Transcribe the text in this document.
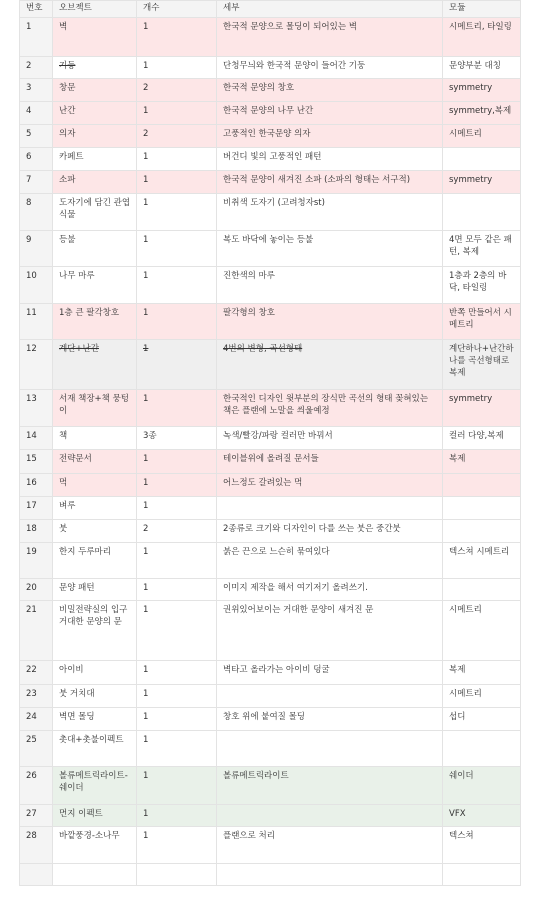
번호	오브젝트	개수	세부	모듈
1	벽	1	한국적 문양으로 몰딩이 되어있는 벽	시메트리, 타일링
2	기둥	1	단청무늬와 한국적 문양이 들어간 기둥	문양부분 대칭
3	창문	2	한국적 문양의 창호	symmetry
4	난간	1	한국적 문양의 나무 난간	symmetry,복제
5	의자	2	고풍적인 한국문양 의자	시메트리
6	카페트	1	버건디 빛의 고풍적인 패턴	
7	소파	1	한국적 문양이 새겨진 소파 (소파의 형태는 서구적)	symmetry
8	도자기에 담긴 관엽식물	1	비취색 도자기 (고려청자st)	
9	등불	1	복도 바닥에 놓이는 등불	4면 모두 같은 패턴, 복제
10	나무 마루	1	진한색의 마루	1층과 2층의 바닥, 타일링
11	1층 큰 팔각창호	1	팔각형의 창호	반쪽 만들어서 시메트리
12	계단+난간	1	4번의 변형, 곡선형태	계단하나+난간하나를 곡선형태로 복제
13	서재 책장+책 뭉텅이	1	한국적인 디자인 윗부분의 장식만 곡선의 형태 꽂혀있는 책은 플랜에 노말을 씌울예정	symmetry
14	책	3종	녹색/빨강/파랑 컬러만 바꿔서	컬러 다양,복제
15	전략문서	1	테이블위에 올려질 문서들	복제
16	먹	1	어느정도 갈려있는 먹	
17	벼루	1		
18	붓	2	2종류로 크기와 디자인이 다를 쓰는 붓은 중간붓	
19	한지 두루마리	1	붉은 끈으로 느슨히 묶여있다	텍스쳐 시메트리
20	문양 패턴	1	이미지 제작을 해서 여기저기 올려쓰기.	
21	비밀전략실의 입구 거대한 문양의 문	1	권위있어보이는 거대한 문양이 새겨진 문	시메트리
22	아이비	1	벽타고 올라가는 아이비 덩굴	복제
23	붓 거치대	1		시메트리
24	벽면 몰딩	1	창호 위에 붙여질 몰딩	섭디
25	촛대+촛불이펙트	1		
26	볼류메트릭라이트-쉐이더	1	볼류메트릭라이트	쉐이더
27	먼지 이펙트	1		VFX
28	바깥풍경-소나무	1	플랜으로 처리	텍스쳐
